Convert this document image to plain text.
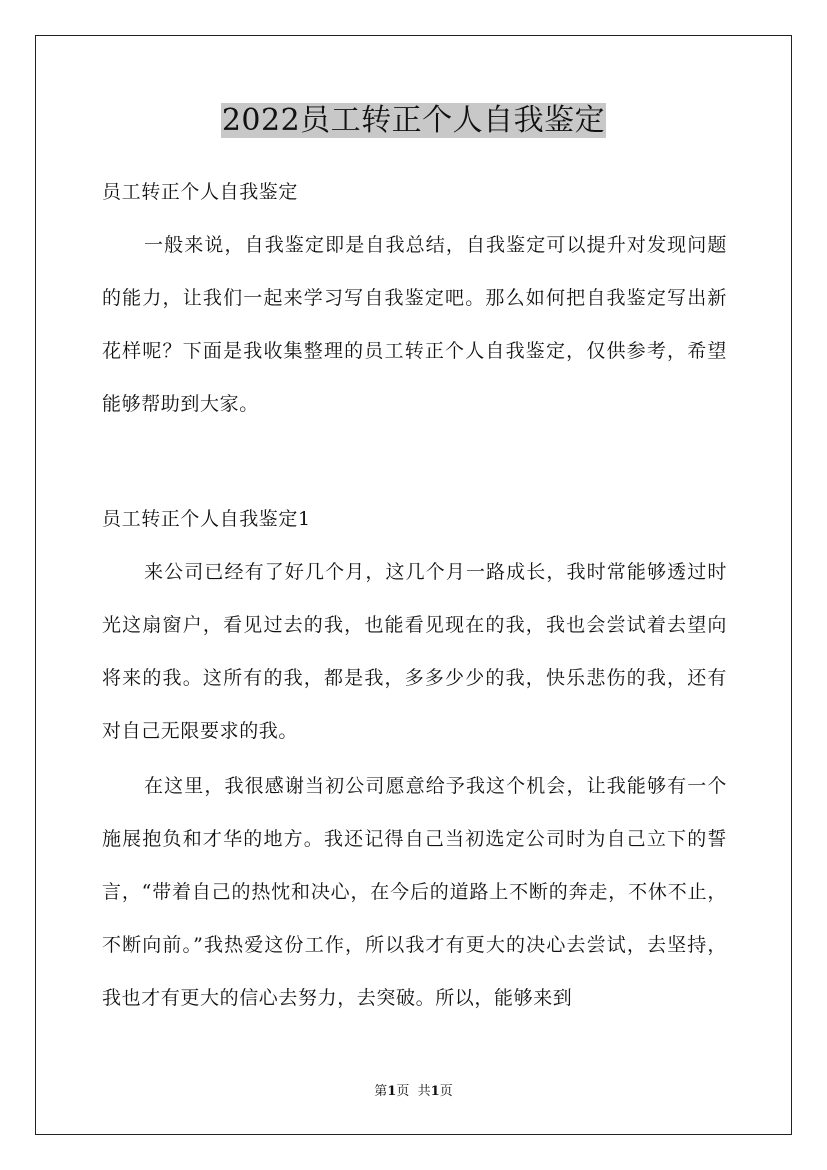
2022员工转正个人自我鉴定
员工转正个人自我鉴定
一般来说，自我鉴定即是自我总结，自我鉴定可以提升对发现问题的能力，让我们一起来学习写自我鉴定吧。那么如何把自我鉴定写出新花样呢？下面是我收集整理的员工转正个人自我鉴定，仅供参考，希望能够帮助到大家。
员工转正个人自我鉴定1
来公司已经有了好几个月，这几个月一路成长，我时常能够透过时光这扇窗户，看见过去的我，也能看见现在的我，我也会尝试着去望向将来的我。这所有的我，都是我，多多少少的我，快乐悲伤的我，还有对自己无限要求的我。
在这里，我很感谢当初公司愿意给予我这个机会，让我能够有一个施展抱负和才华的地方。我还记得自己当初选定公司时为自己立下的誓言，“带着自己的热忱和决心，在今后的道路上不断的奔走，不休不止，不断向前。”我热爱这份工作，所以我才有更大的决心去尝试，去坚持，我也才有更大的信心去努力，去突破。所以，能够来到
第1页 共1页
